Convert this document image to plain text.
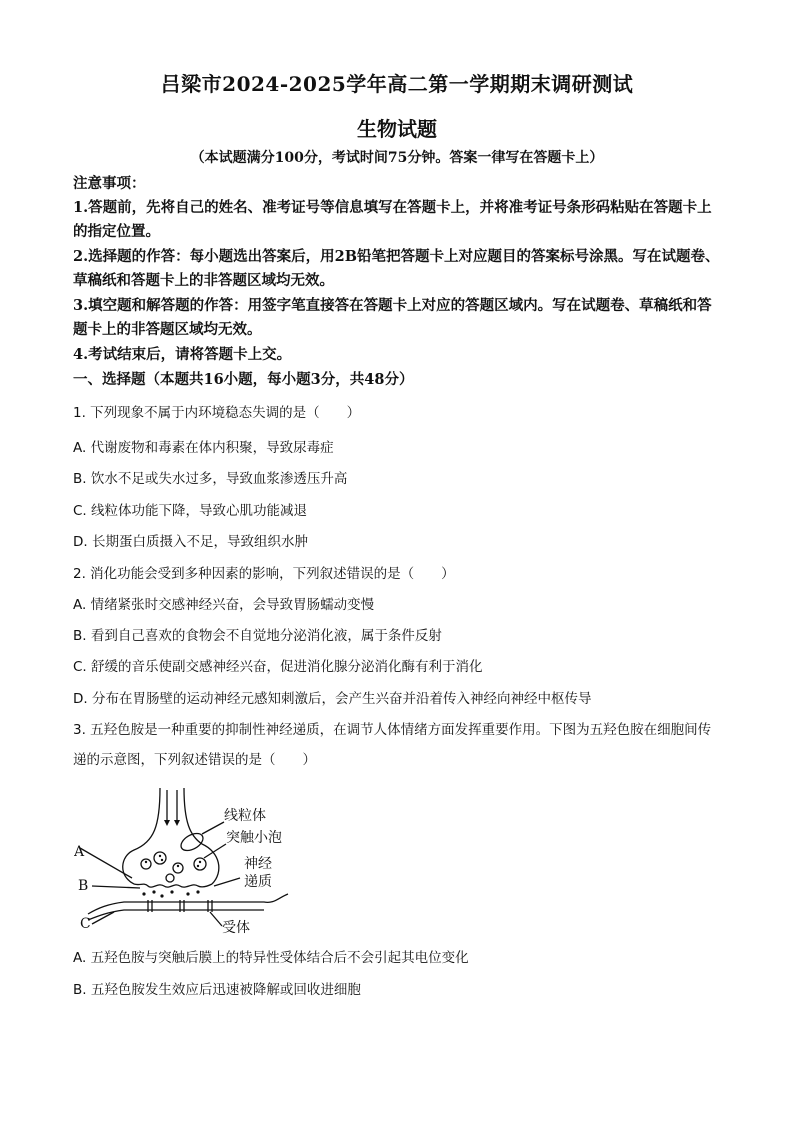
吕梁市2024-2025学年高二第一学期期末调研测试
生物试题
（本试题满分100分，考试时间75分钟。答案一律写在答题卡上）
注意事项：
1.答题前，先将自己的姓名、准考证号等信息填写在答题卡上，并将准考证号条形码粘贴在答题卡上的指定位置。
2.选择题的作答：每小题选出答案后，用2B铅笔把答题卡上对应题目的答案标号涂黑。写在试题卷、草稿纸和答题卡上的非答题区域均无效。
3.填空题和解答题的作答：用签字笔直接答在答题卡上对应的答题区域内。写在试题卷、草稿纸和答题卡上的非答题区域均无效。
4.考试结束后，请将答题卡上交。
一、选择题（本题共16小题，每小题3分，共48分）
1. 下列现象不属于内环境稳态失调的是（　　）
A. 代谢废物和毒素在体内积聚，导致尿毒症
B. 饮水不足或失水过多，导致血浆渗透压升高
C. 线粒体功能下降，导致心肌功能减退
D. 长期蛋白质摄入不足，导致组织水肿
2. 消化功能会受到多种因素的影响，下列叙述错误的是（　　）
A. 情绪紧张时交感神经兴奋，会导致胃肠蠕动变慢
B. 看到自己喜欢的食物会不自觉地分泌消化液，属于条件反射
C. 舒缓的音乐使副交感神经兴奋，促进消化腺分泌消化酶有利于消化
D. 分布在胃肠壁的运动神经元感知刺激后，会产生兴奋并沿着传入神经向神经中枢传导
3. 五羟色胺是一种重要的抑制性神经递质，在调节人体情绪方面发挥重要作用。下图为五羟色胺在细胞间传递的示意图，下列叙述错误的是（　　）
线粒体
突触小泡
神经
递质
受体
A
B
C
A. 五羟色胺与突触后膜上的特异性受体结合后不会引起其电位变化
B. 五羟色胺发生效应后迅速被降解或回收进细胞
